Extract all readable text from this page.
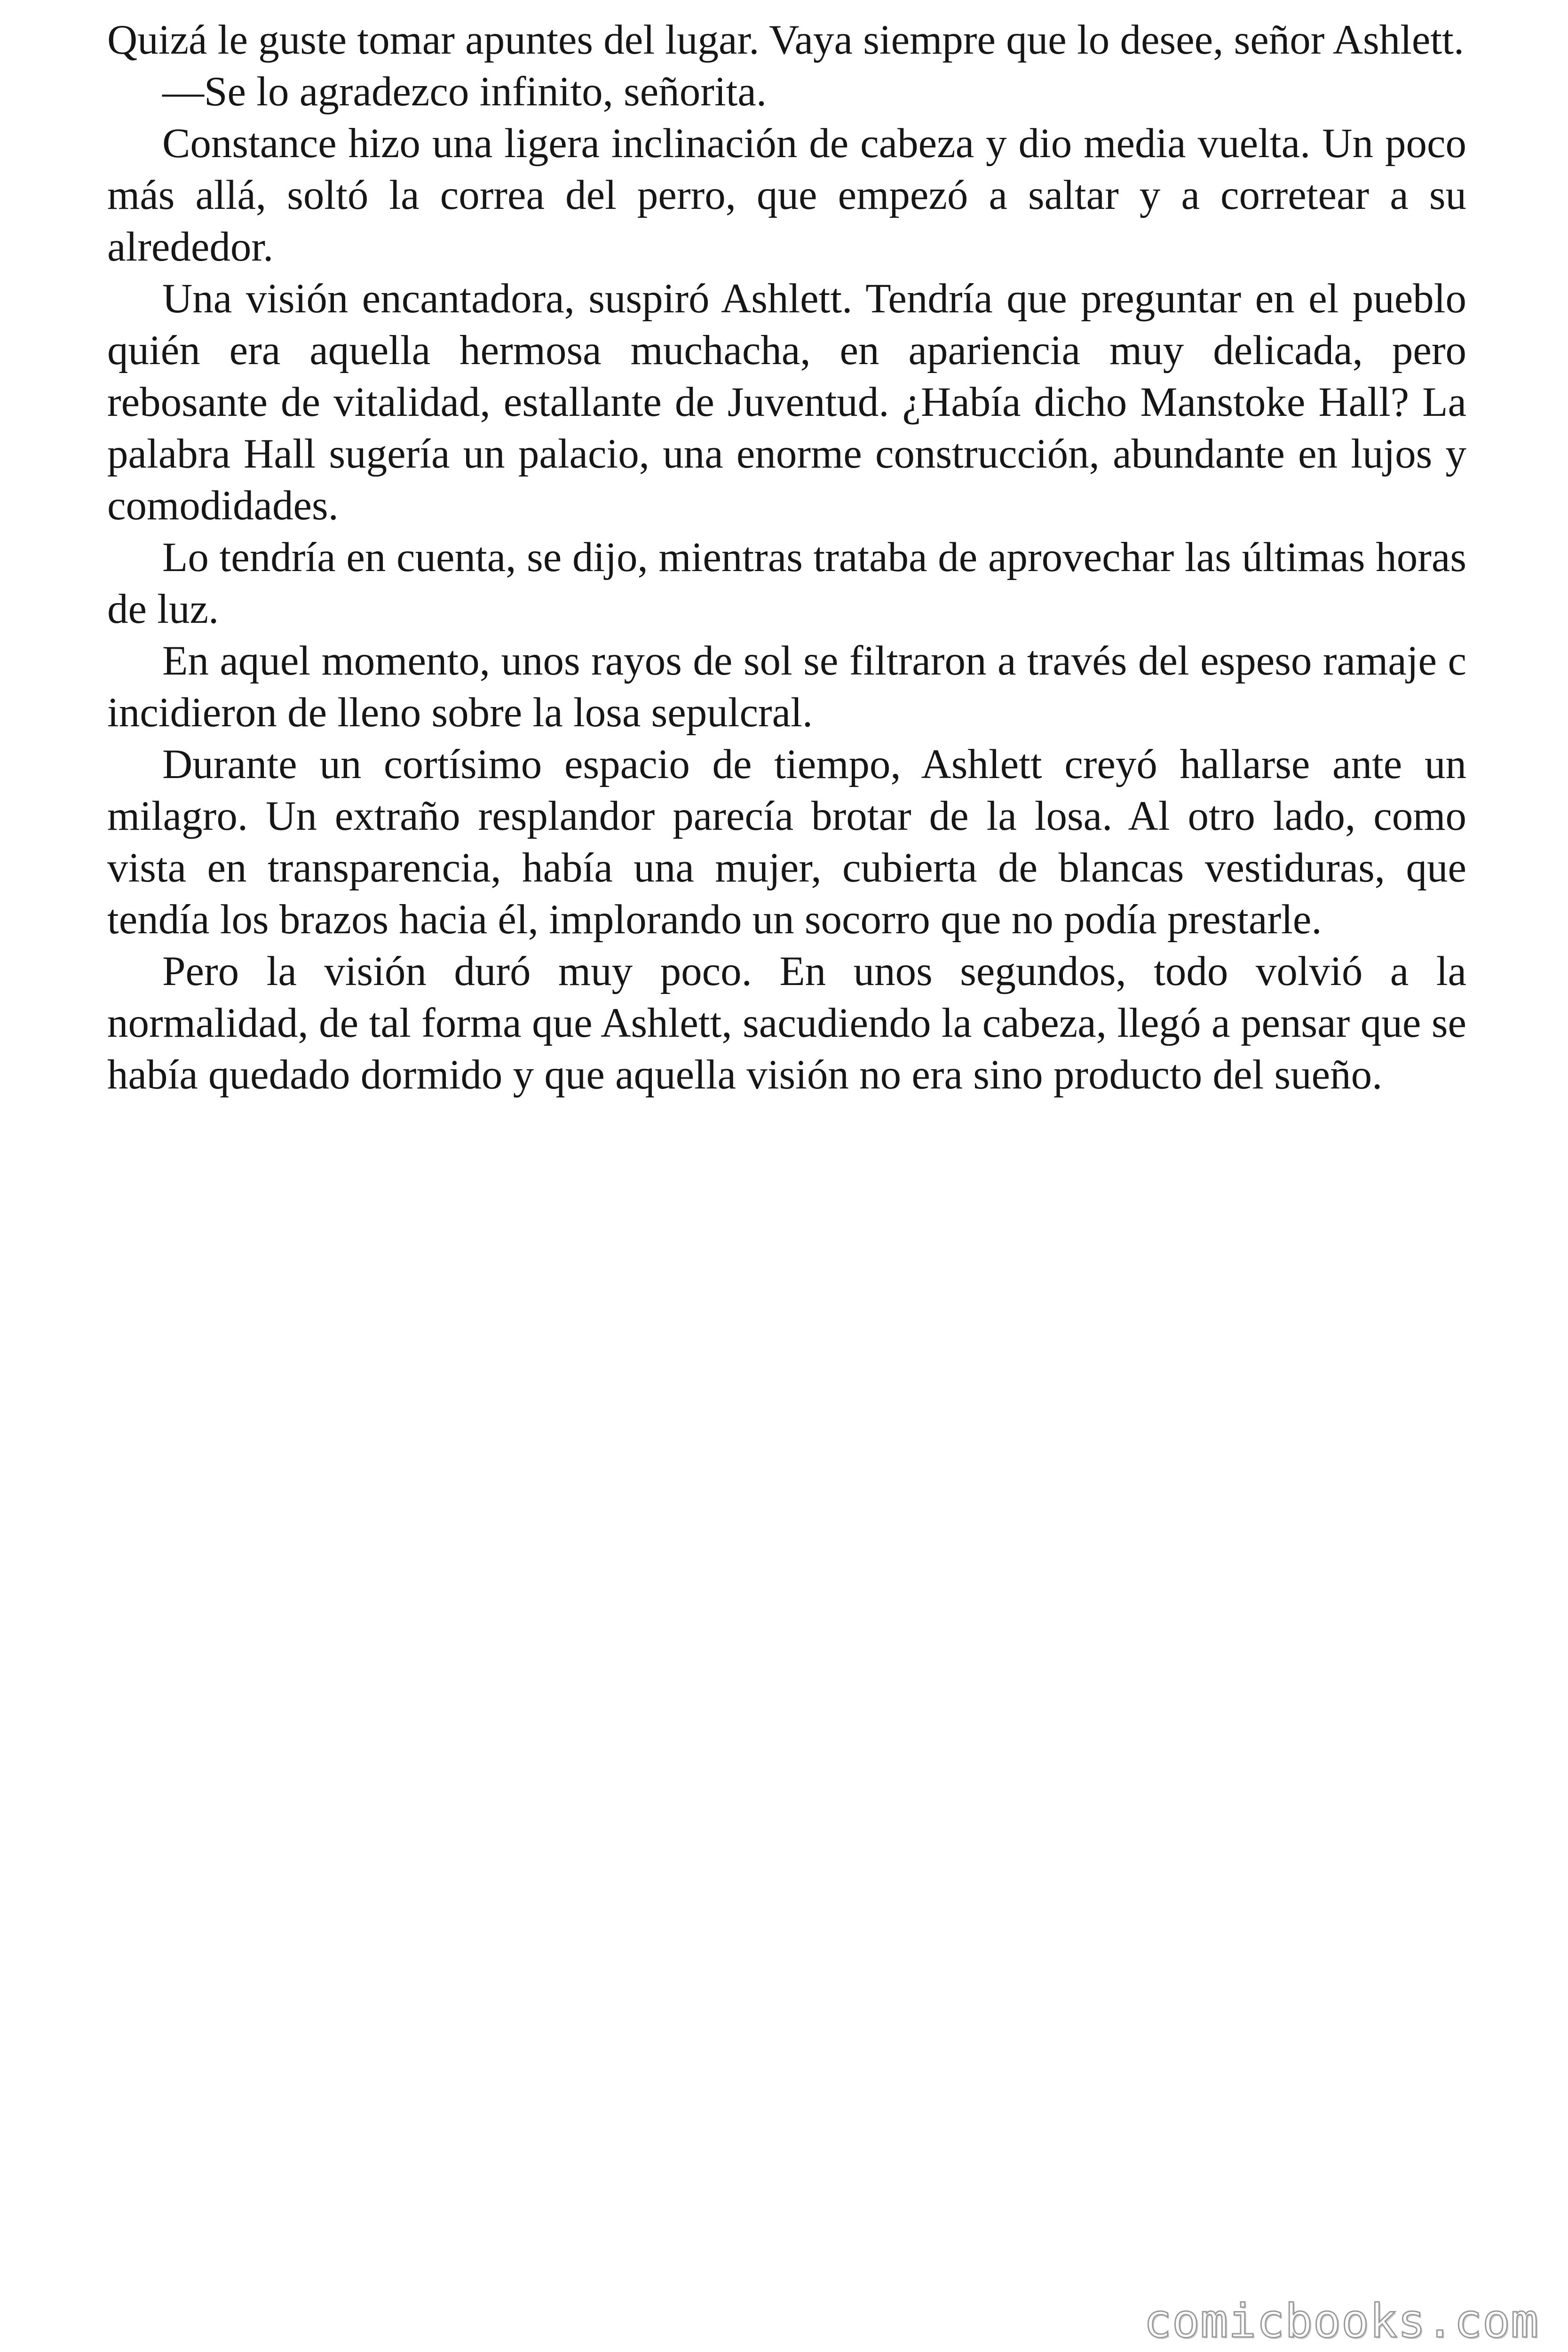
Quizá le guste tomar apuntes del lugar. Vaya siempre que lo desee, señor Ashlett.

—Se lo agradezco infinito, señorita.

Constance hizo una ligera inclinación de cabeza y dio media vuelta. Un poco más allá, soltó la correa del perro, que empezó a saltar y a corretear a su alrededor.

Una visión encantadora, suspiró Ashlett. Tendría que preguntar en el pueblo quién era aquella hermosa muchacha, en apariencia muy delicada, pero rebosante de vitalidad, estallante de Juventud. ¿Había dicho Manstoke Hall? La palabra Hall sugería un palacio, una enorme construcción, abundante en lujos y comodidades.

Lo tendría en cuenta, se dijo, mientras trataba de aprovechar las últimas horas de luz.

En aquel momento, unos rayos de sol se filtraron a través del espeso ramaje c incidieron de lleno sobre la losa sepulcral.

Durante un cortísimo espacio de tiempo, Ashlett creyó hallarse ante un milagro. Un extraño resplandor parecía brotar de la losa. Al otro lado, como vista en transparencia, había una mujer, cubierta de blancas vestiduras, que tendía los brazos hacia él, implorando un socorro que no podía prestarle.

Pero la visión duró muy poco. En unos segundos, todo volvió a la normalidad, de tal forma que Ashlett, sacudiendo la cabeza, llegó a pensar que se había quedado dormido y que aquella visión no era sino producto del sueño.

comicbooks.com
